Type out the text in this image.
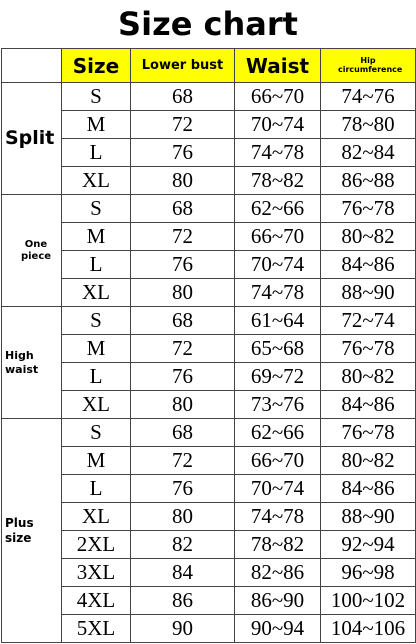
Size chart
	Size	Lower bust	Waist	Hip circumference
Split	S	68	66~70	74~76
	M	72	70~74	78~80
	L	76	74~78	82~84
	XL	80	78~82	86~88
One piece	S	68	62~66	76~78
	M	72	66~70	80~82
	L	76	70~74	84~86
	XL	80	74~78	88~90
High waist	S	68	61~64	72~74
	M	72	65~68	76~78
	L	76	69~72	80~82
	XL	80	73~76	84~86
Plus size	S	68	62~66	76~78
	M	72	66~70	80~82
	L	76	70~74	84~86
	XL	80	74~78	88~90
	2XL	82	78~82	92~94
	3XL	84	82~86	96~98
	4XL	86	86~90	100~102
	5XL	90	90~94	104~106
